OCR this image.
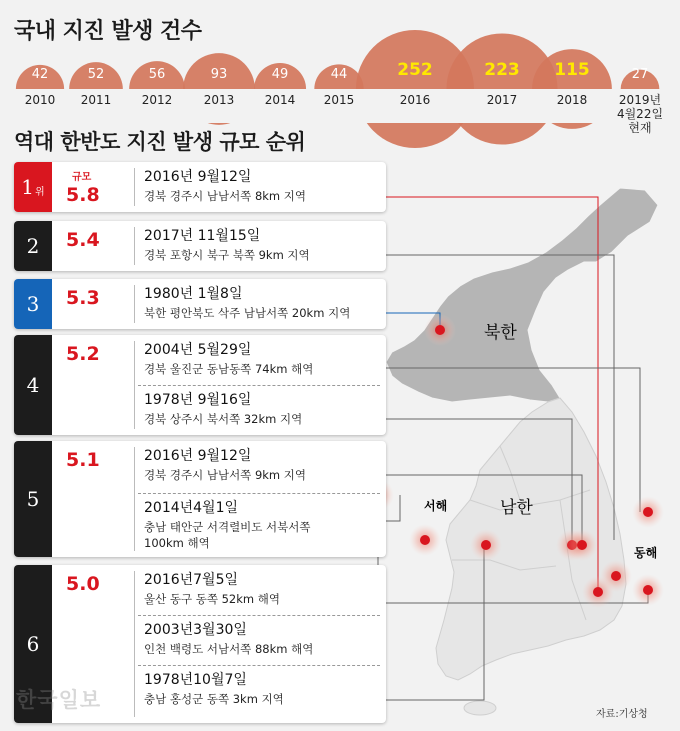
국내 지진 발생 건수
역대 한반도 지진 발생 규모 순위
북한
남한
서해
동해
42
2010
52
2011
56
2012
93
2013
49
2014
44
2015
252
2016
223
2017
115
2018
27
2019년
4월22일
현재
1 위
규모
5.8
2016년 9월12일
경북 경주시 남남서쪽 8km 지역
2 5.4	2017년 11월15일
경북 포항시 북구 북쪽 9km 지역
3 5.3	1980년 1월8일
북한 평안북도 삭주 남남서쪽 20km 지역
4
5.2	2004년 5월29일
경북 울진군 동남동쪽 74km 해역
1978년 9월16일
경북 상주시 북서쪽 32km 지역
5
5.1	2016년 9월12일
경북 경주시 남남서쪽 9km 지역
2014년4월1일
충남 태안군 서격렬비도 서북서쪽
100km 해역
6
5.0	2016년7월5일
울산 동구 동쪽 52km 해역
2003년3월30일
인천 백령도 서남서쪽 88km 해역
1978년10월7일
충남 홍성군 동쪽 3km 지역
한국일보
자료:기상청
